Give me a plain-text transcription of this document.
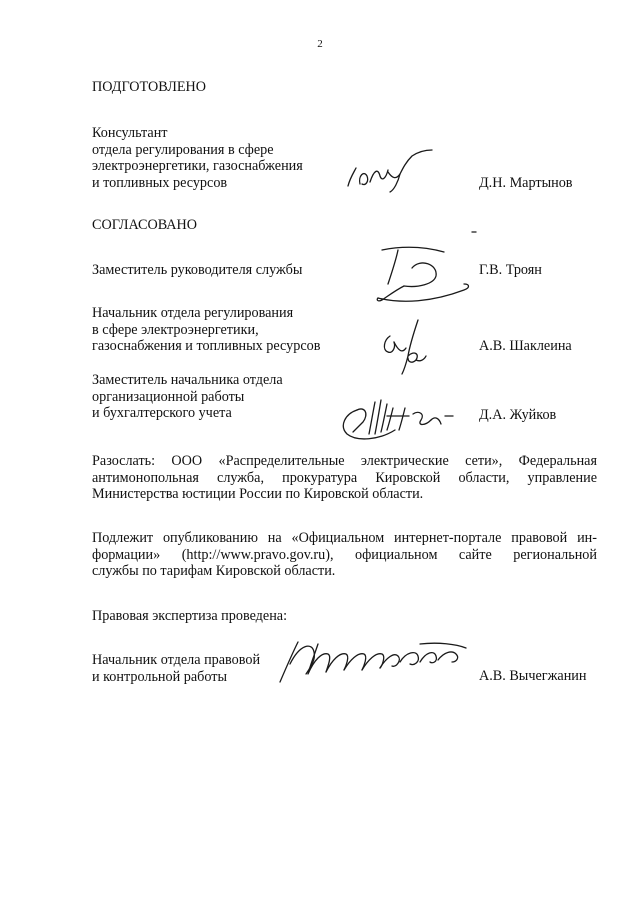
2
ПОДГОТОВЛЕНО
Консультант
отдела регулирования в сфере
электроэнергетики, газоснабжения
и топливных ресурсов	Д.Н. Мартынов
СОГЛАСОВАНО
Заместитель руководителя службы	Г.В. Троян
Начальник отдела регулирования
в сфере электроэнергетики,
газоснабжения и топливных ресурсов	А.В. Шаклеина
Заместитель начальника отдела
организационной работы
и бухгалтерского учета	Д.А. Жуйков
Разослать: ООО «Распределительные электрические сети», Федеральная
антимонопольная служба, прокуратура Кировской области, управление
Министерства юстиции России по Кировской области.
Подлежит опубликованию на «Официальном интернет-портале правовой ин-
формации» (http://www.pravo.gov.ru), официальном сайте региональной
службы по тарифам Кировской области.
Правовая экспертиза проведена:
Начальник отдела правовой
и контрольной работы	А.В. Вычегжанин
